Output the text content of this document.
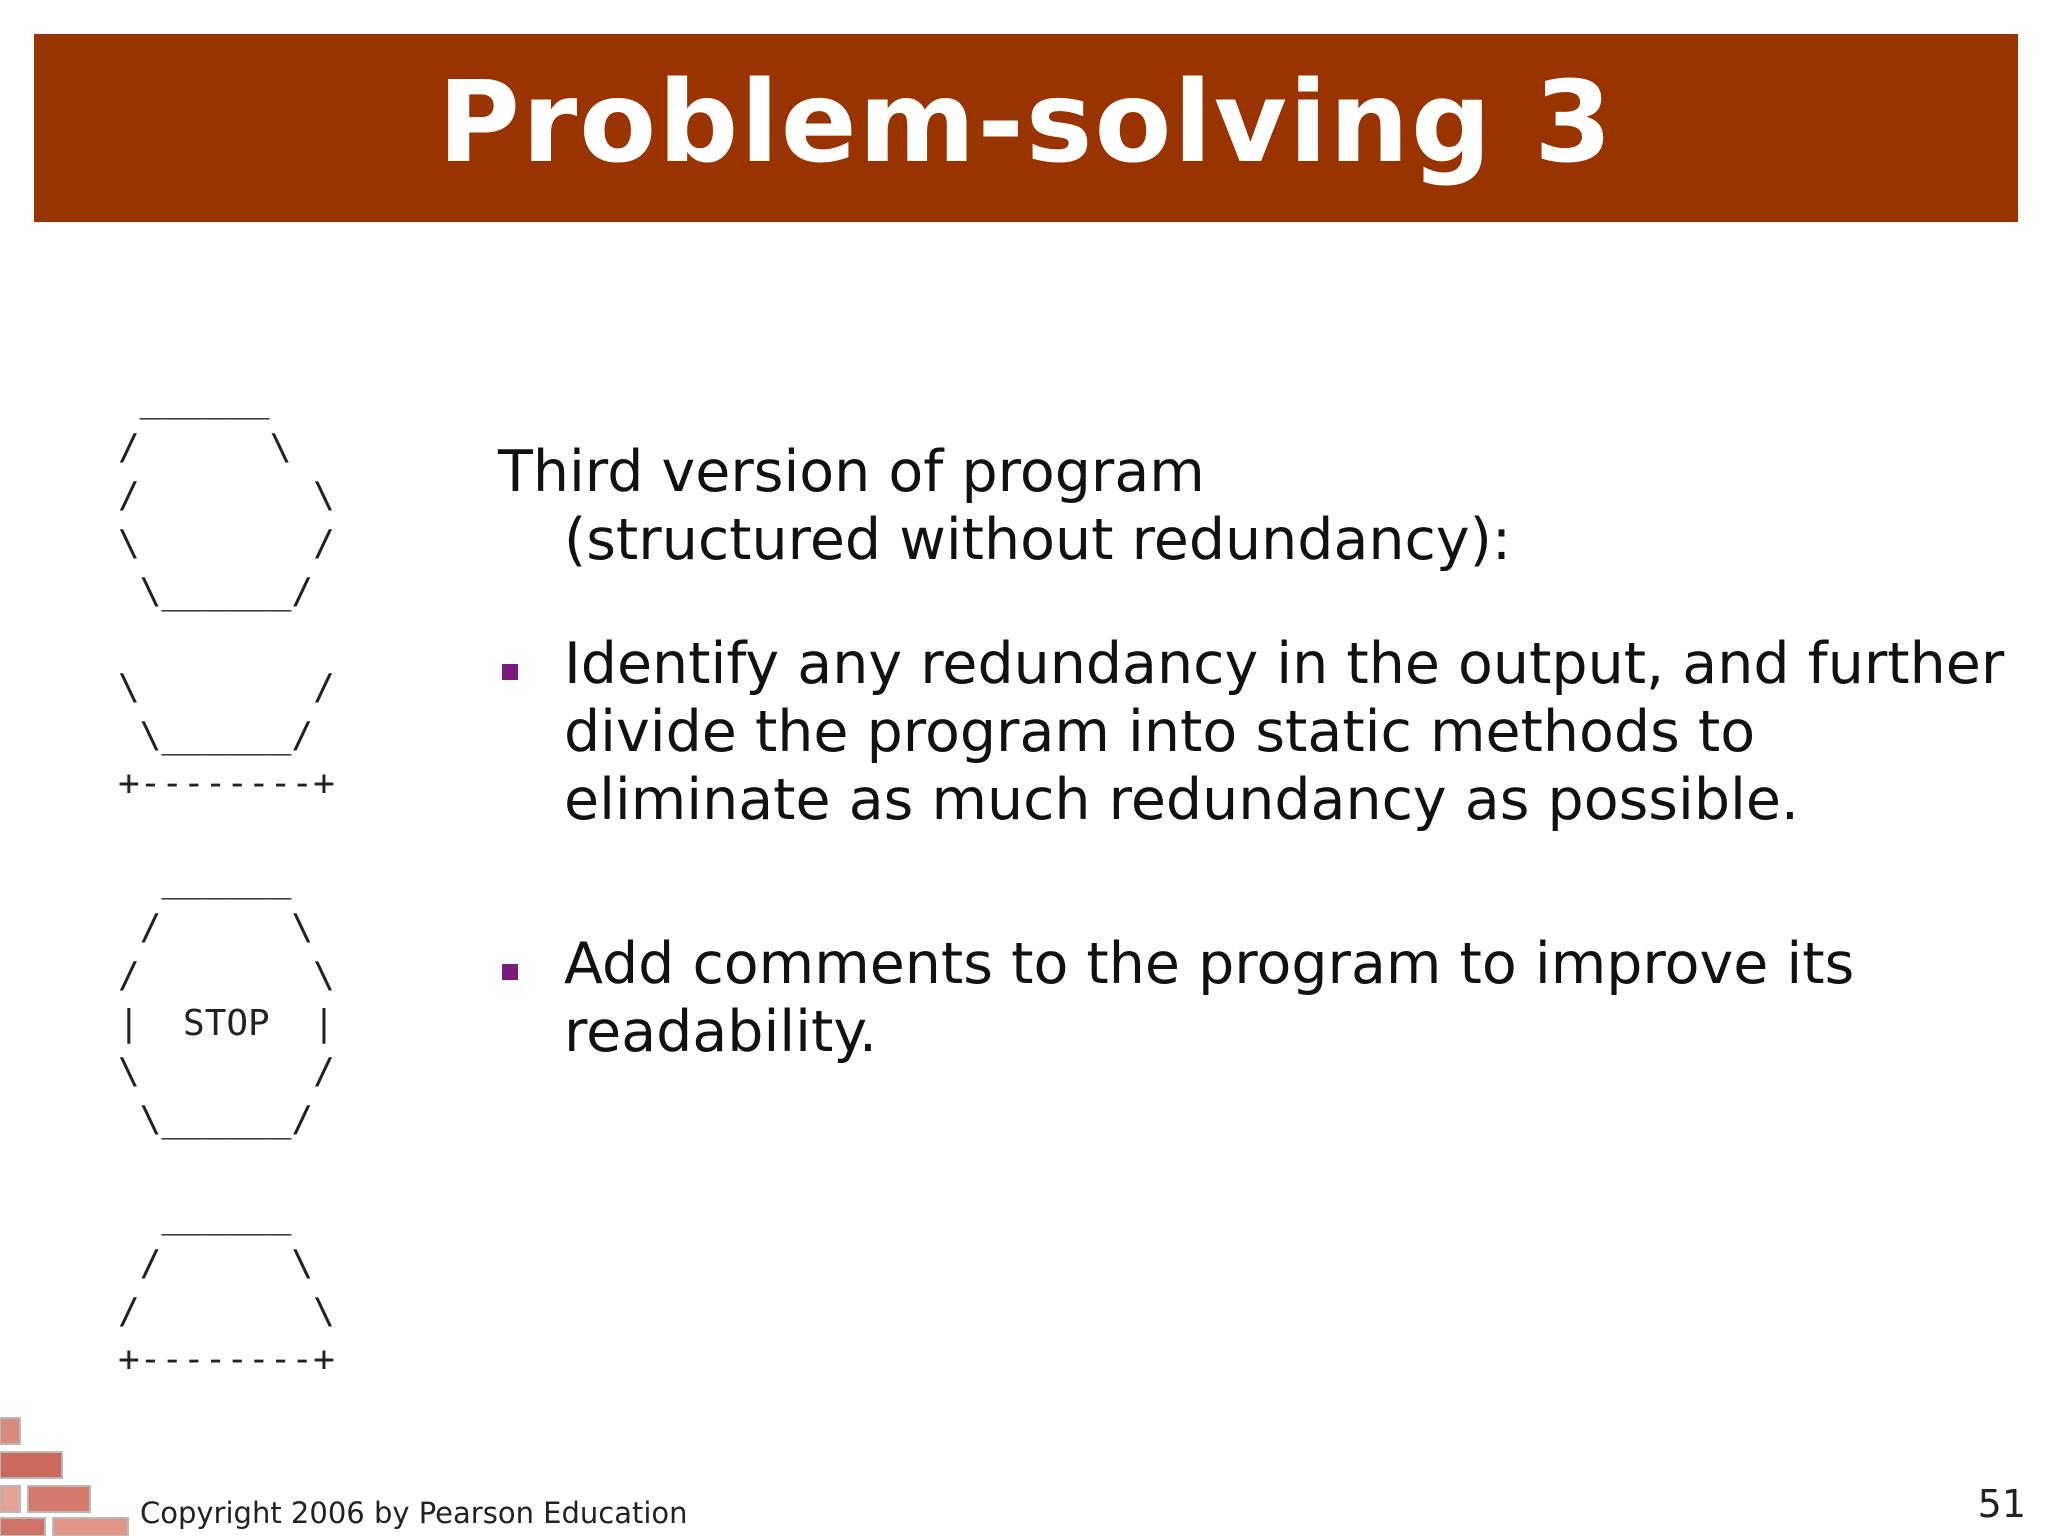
Problem-solving 3
______
/      \
/        \
\        /
\______/

\        /
\______/
+--------+

______
/      \
/        \
|  STOP  |
\        /
\______/

______
/      \
/        \
+--------+
Third version of program
(structured without redundancy):
Identify any redundancy in the output, and further
divide the program into static methods to
eliminate as much redundancy as possible.
Add comments to the program to improve its
readability.
Copyright 2006 by Pearson Education	51
